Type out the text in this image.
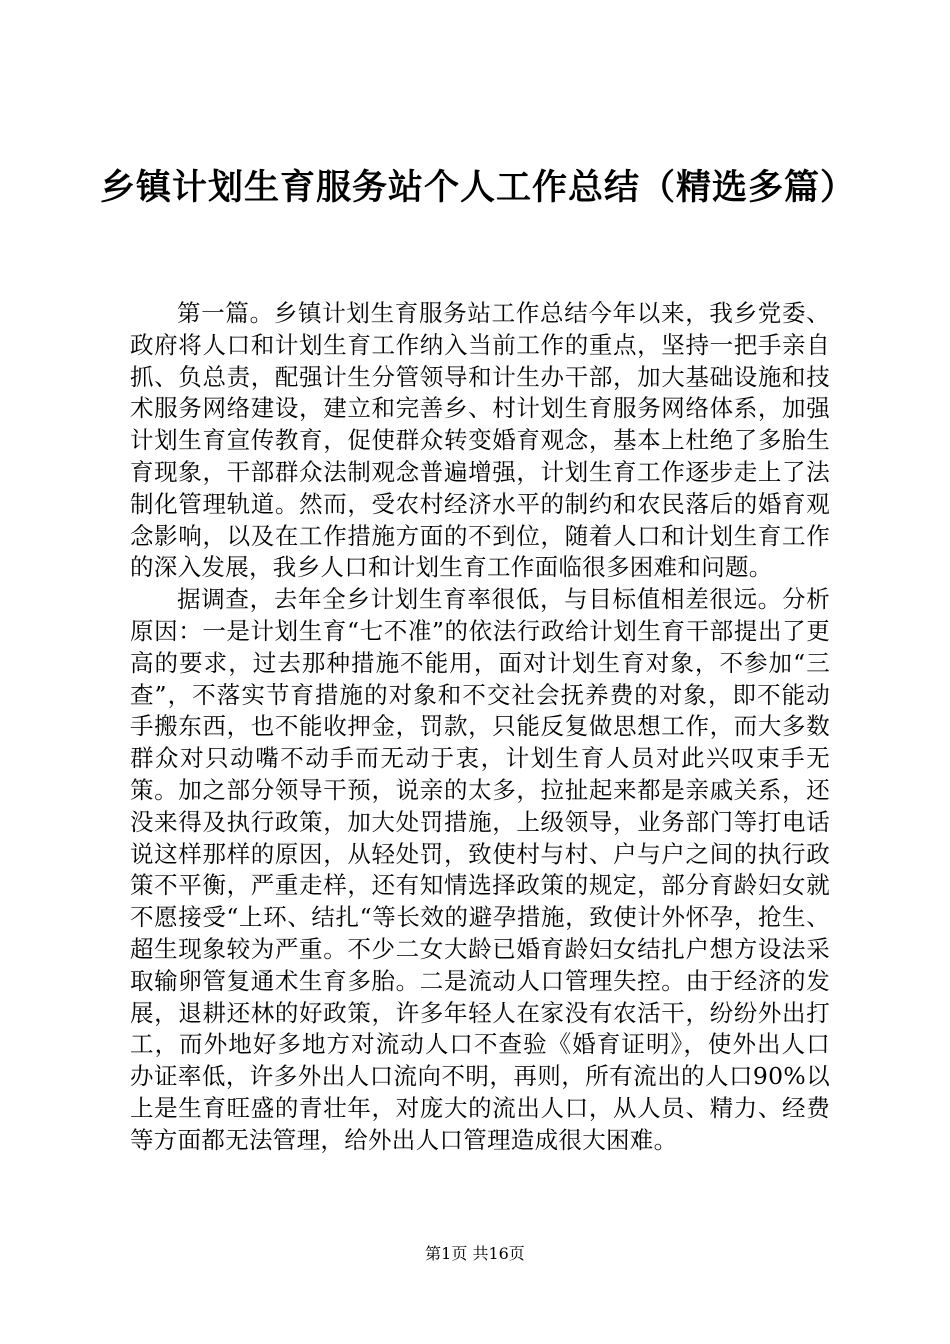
乡镇计划生育服务站个人工作总结（精选多篇）

第一篇。乡镇计划生育服务站工作总结今年以来，我乡党委、政府将人口和计划生育工作纳入当前工作的重点，坚持一把手亲自抓、负总责，配强计生分管领导和计生办干部，加大基础设施和技术服务网络建设，建立和完善乡、村计划生育服务网络体系，加强计划生育宣传教育，促使群众转变婚育观念，基本上杜绝了多胎生育现象，干部群众法制观念普遍增强，计划生育工作逐步走上了法制化管理轨道。然而，受农村经济水平的制约和农民落后的婚育观念影响，以及在工作措施方面的不到位，随着人口和计划生育工作的深入发展，我乡人口和计划生育工作面临很多困难和问题。

据调查，去年全乡计划生育率很低，与目标值相差很远。分析原因：一是计划生育“七不准”的依法行政给计划生育干部提出了更高的要求，过去那种措施不能用，面对计划生育对象，不参加“三查”，不落实节育措施的对象和不交社会抚养费的对象，即不能动手搬东西，也不能收押金，罚款，只能反复做思想工作，而大多数群众对只动嘴不动手而无动于衷，计划生育人员对此兴叹束手无策。加之部分领导干预，说亲的太多，拉扯起来都是亲戚关系，还没来得及执行政策，加大处罚措施，上级领导，业务部门等打电话说这样那样的原因，从轻处罚，致使村与村、户与户之间的执行政策不平衡，严重走样，还有知情选择政策的规定，部分育龄妇女就不愿接受“上环、结扎“等长效的避孕措施，致使计外怀孕，抢生、超生现象较为严重。不少二女大龄已婚育龄妇女结扎户想方设法采取输卵管复通术生育多胎。二是流动人口管理失控。由于经济的发展，退耕还林的好政策，许多年轻人在家没有农活干，纷纷外出打工，而外地好多地方对流动人口不查验《婚育证明》，使外出人口办证率低，许多外出人口流向不明，再则，所有流出的人口90%以上是生育旺盛的青壮年，对庞大的流出人口，从人员、精力、经费等方面都无法管理，给外出人口管理造成很大困难。

第1页 共16页
